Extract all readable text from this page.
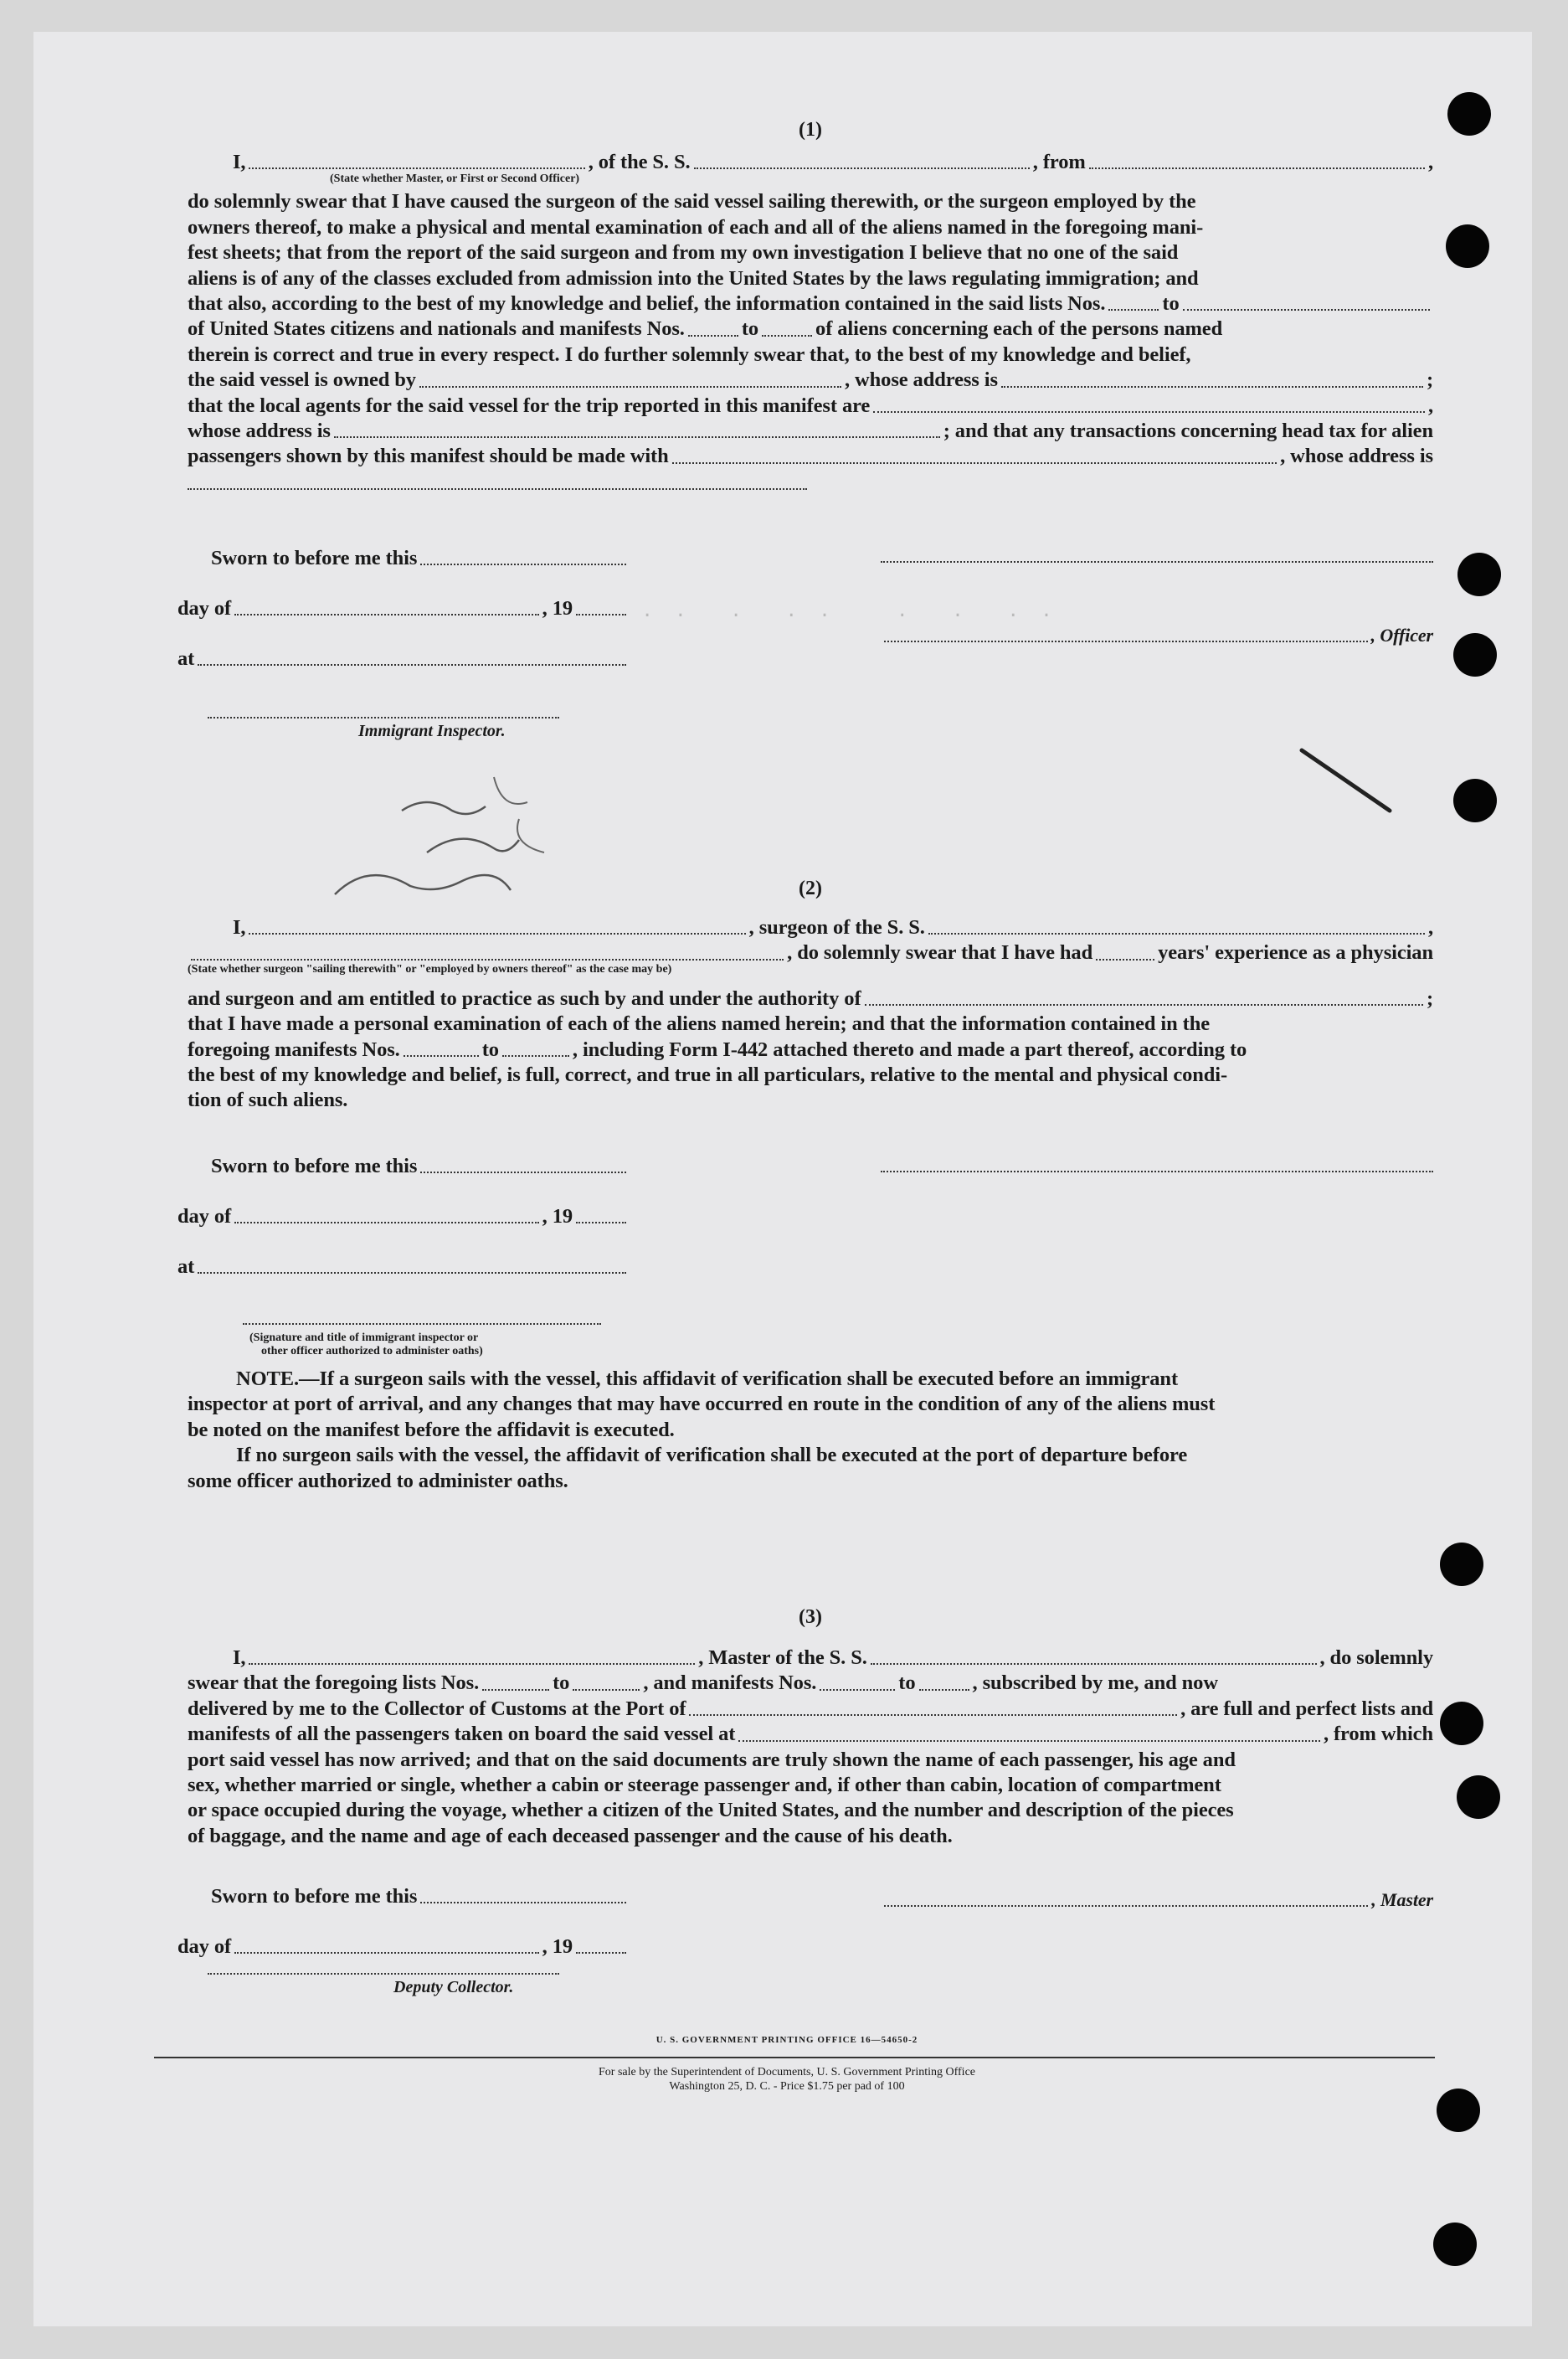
·  ·    ·    ·  ·      ·    ·    ·  ·

(1)
I,	, of the S. S.	, from	,
(State whether Master, or First or Second Officer)
do solemnly swear that I have caused the surgeon of the said vessel sailing therewith, or the surgeon employed by the
owners thereof, to make a physical and mental examination of each and all of the aliens named in the foregoing mani-
fest sheets; that from the report of the said surgeon and from my own investigation I believe that no one of the said
aliens is of any of the classes excluded from admission into the United States by the laws regulating immigration; and
that also, according to the best of my knowledge and belief, the information contained in the said lists Nos.	to
of United States citizens and nationals and manifests Nos.	to	of aliens concerning each of the persons named
therein is correct and true in every respect. I do further solemnly swear that, to the best of my knowledge and belief,
the said vessel is owned by	, whose address is	;
that the local agents for the said vessel for the trip reported in this manifest are	,
whose address is	; and that any transactions concerning head tax for alien
passengers shown by this manifest should be made with	, whose address is
Sworn to before me this
day of	, 19
at
Immigrant Inspector.
, Officer
(2)
I,	, surgeon of the S. S.	,
, do solemnly swear that I have had	years' experience as a physician
(State whether surgeon "sailing therewith" or "employed by owners thereof" as the case may be)
and surgeon and am entitled to practice as such by and under the authority of	;
that I have made a personal examination of each of the aliens named herein; and that the information contained in the
foregoing manifests Nos.	to	, including Form I-442 attached thereto and made a part thereof, according to
the best of my knowledge and belief, is full, correct, and true in all particulars, relative to the mental and physical condi-
tion of such aliens.
Sworn to before me this
day of	, 19
at
(Signature and title of immigrant inspector or
other officer authorized to administer oaths)
NOTE.—If a surgeon sails with the vessel, this affidavit of verification shall be executed before an immigrant
inspector at port of arrival, and any changes that may have occurred en route in the condition of any of the aliens must
be noted on the manifest before the affidavit is executed.
If no surgeon sails with the vessel, the affidavit of verification shall be executed at the port of departure before
some officer authorized to administer oaths.
(3)
I,	, Master of the S. S.	, do solemnly
swear that the foregoing lists Nos.	to	, and manifests Nos.	to	, subscribed by me, and now
delivered by me to the Collector of Customs at the Port of	, are full and perfect lists and
manifests of all the passengers taken on board the said vessel at	, from which
port said vessel has now arrived; and that on the said documents are truly shown the name of each passenger, his age and
sex, whether married or single, whether a cabin or steerage passenger and, if other than cabin, location of compartment
or space occupied during the voyage, whether a citizen of the United States, and the number and description of the pieces
of baggage, and the name and age of each deceased passenger and the cause of his death.
Sworn to before me this
day of	, 19
, Master
Deputy Collector.
U. S. GOVERNMENT PRINTING OFFICE 16—54650-2
For sale by the Superintendent of Documents, U. S. Government Printing Office
Washington 25, D. C. - Price $1.75 per pad of 100
